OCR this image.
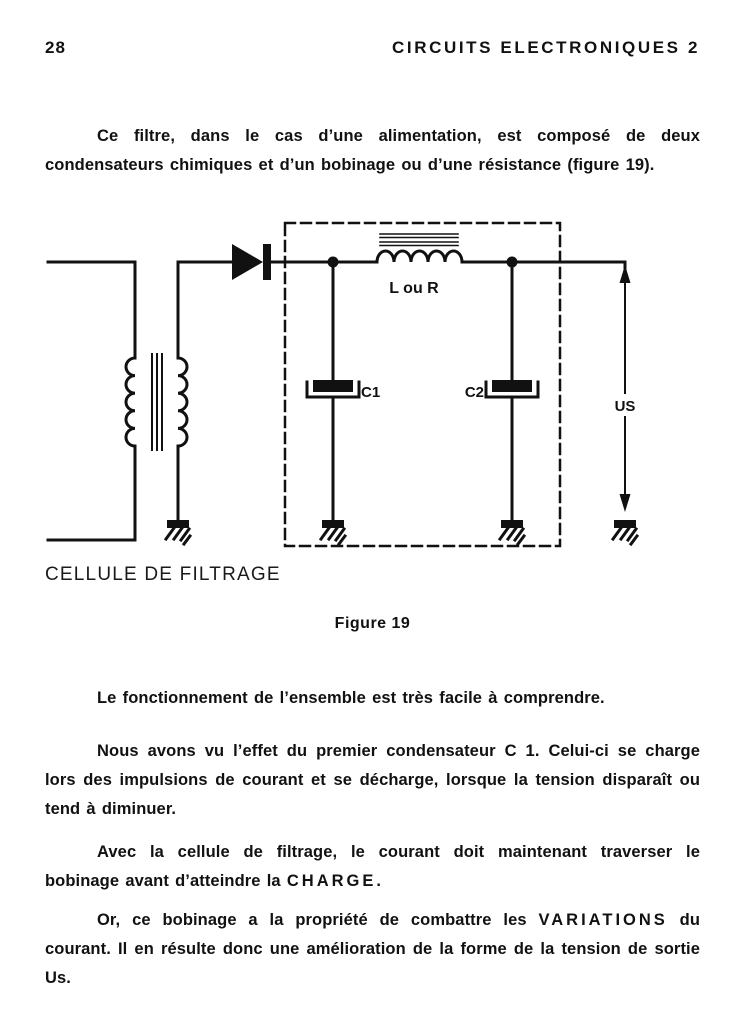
28	CIRCUITS ELECTRONIQUES 2

Ce filtre, dans le cas d’une alimentation, est composé de deux condensateurs chimiques et d’un bobinage ou d’une résistance (figure 19).

L ou R
C1	C2
US
CELLULE DE FILTRAGE
Figure 19

Le fonctionnement de l’ensemble est très facile à comprendre.

Nous avons vu l’effet du premier condensateur C 1. Celui-ci se charge lors des impulsions de courant et se décharge, lorsque la tension disparaît ou tend à diminuer.

Avec la cellule de filtrage, le courant doit maintenant traverser le bobinage avant d’atteindre la CHARGE.

Or, ce bobinage a la propriété de combattre les VARIATIONS du courant. Il en résulte donc une amélioration de la forme de la tension de sortie Us.
